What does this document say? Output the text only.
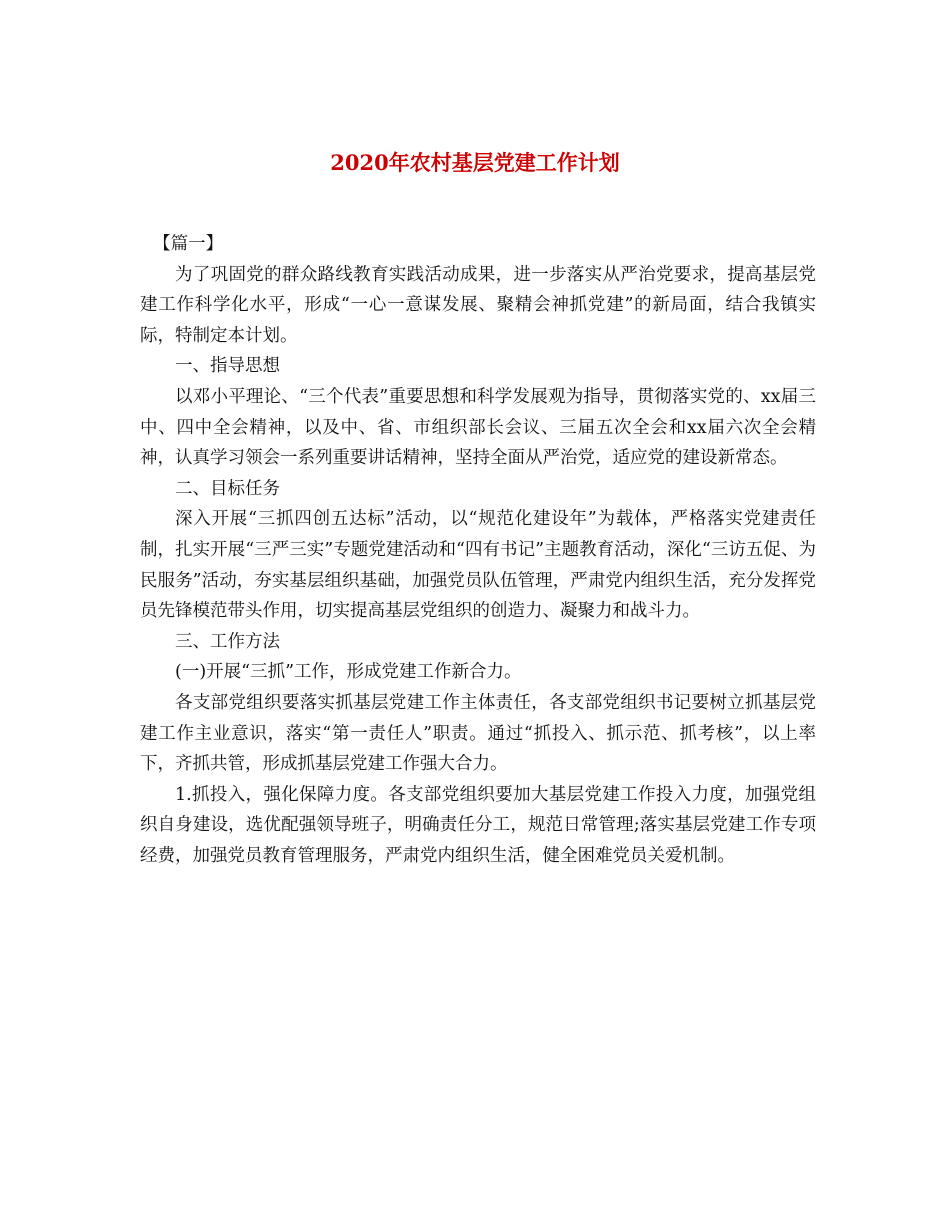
2020年农村基层党建工作计划

【篇一】

为了巩固党的群众路线教育实践活动成果，进一步落实从严治党要求，提高基层党建工作科学化水平，形成“一心一意谋发展、聚精会神抓党建”的新局面，结合我镇实际，特制定本计划。

一、指导思想

以邓小平理论、“三个代表”重要思想和科学发展观为指导，贯彻落实党的、xx届三中、四中全会精神，以及中、省、市组织部长会议、三届五次全会和xx届六次全会精神，认真学习领会一系列重要讲话精神，坚持全面从严治党，适应党的建设新常态。

二、目标任务

深入开展“三抓四创五达标”活动，以“规范化建设年”为载体，严格落实党建责任制，扎实开展“三严三实”专题党建活动和“四有书记”主题教育活动，深化“三访五促、为民服务”活动，夯实基层组织基础，加强党员队伍管理，严肃党内组织生活，充分发挥党员先锋模范带头作用，切实提高基层党组织的创造力、凝聚力和战斗力。

三、工作方法

(一)开展“三抓”工作，形成党建工作新合力。

各支部党组织要落实抓基层党建工作主体责任，各支部党组织书记要树立抓基层党建工作主业意识，落实“第一责任人”职责。通过“抓投入、抓示范、抓考核”，以上率下，齐抓共管，形成抓基层党建工作强大合力。

1.抓投入，强化保障力度。各支部党组织要加大基层党建工作投入力度，加强党组织自身建设，选优配强领导班子，明确责任分工，规范日常管理;落实基层党建工作专项经费，加强党员教育管理服务，严肃党内组织生活，健全困难党员关爱机制。
